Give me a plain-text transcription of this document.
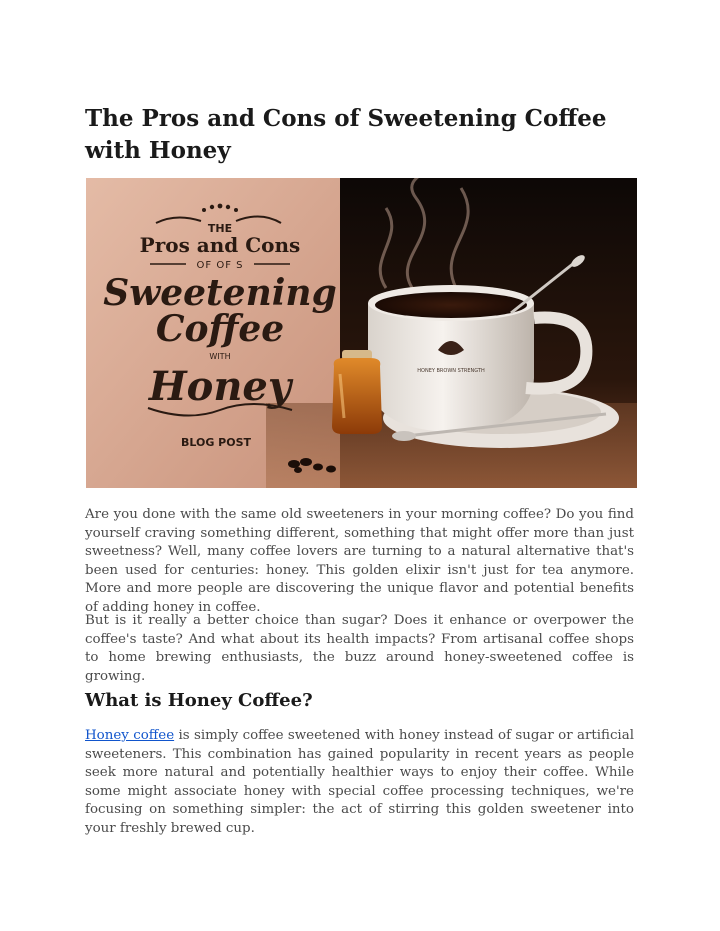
The Pros and Cons of Sweetening Coffee with Honey
THE
Pros and Cons
OF OF S
Sweetening
Coffee
WITH
Honey
BLOG POST
HONEY BROWN STRENGTH

Are you done with the same old sweeteners in your morning coffee? Do you find yourself craving something different, something that might offer more than just sweetness? Well, many coffee lovers are turning to a natural alternative that's been used for centuries: honey. This golden elixir isn't just for tea anymore. More and more people are discovering the unique flavor and potential benefits of adding honey in coffee.

But is it really a better choice than sugar? Does it enhance or overpower the coffee's taste? And what about its health impacts? From artisanal coffee shops to home brewing enthusiasts, the buzz around honey-sweetened coffee is growing.

What is Honey Coffee?

Honey coffee is simply coffee sweetened with honey instead of sugar or artificial sweeteners. This combination has gained popularity in recent years as people seek more natural and potentially healthier ways to enjoy their coffee. While some might associate honey with special coffee processing techniques, we're focusing on something simpler: the act of stirring this golden sweetener into your freshly brewed cup.
